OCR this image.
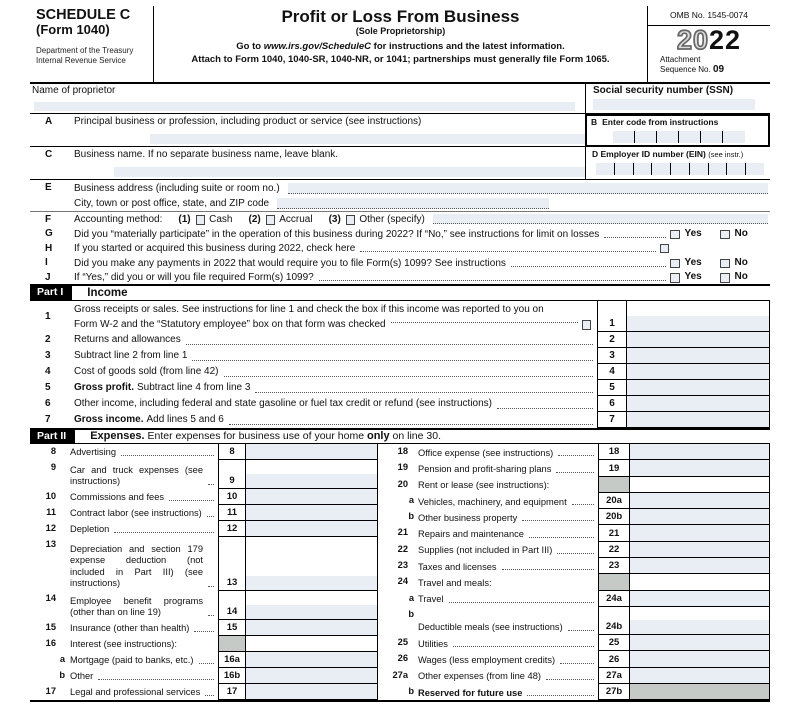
SCHEDULE C
(Form 1040)
Department of the Treasury
Internal Revenue Service
Profit or Loss From Business
(Sole Proprietorship)
Go to www.irs.gov/ScheduleC for instructions and the latest information.
Attach to Form 1040, 1040-SR, 1040-NR, or 1041; partnerships must generally file Form 1065.
OMB No. 1545-0074
2022
Attachment
Sequence No. 09
Name of proprietor	Social security number (SSN)
A	Principal business or profession, including product or service (see instructions)	B Enter code from instructions
C	Business name. If no separate business name, leave blank.	D Employer ID number (EIN) (see instr.)
E	Business address (including suite or room no.)
City, town or post office, state, and ZIP code
F	Accounting method: (1) Cash (2) Accrual (3) Other (specify)
G	Did you “materially participate” in the operation of this business during 2022? If “No,” see instructions for limit on losses	Yes	No
H	If you started or acquired this business during 2022, check here
I	Did you make any payments in 2022 that would require you to file Form(s) 1099? See instructions	Yes	No
J	If “Yes,” did you or will you file required Form(s) 1099?	Yes	No
Part I	Income
1
Gross receipts or sales. See instructions for line 1 and check the box if this income was reported to you on
Form W-2 and the “Statutory employee” box on that form was checked	1
2	Returns and allowances	2
3	Subtract line 2 from line 1	3
4	Cost of goods sold (from line 42)	4
5	Gross profit. Subtract line 4 from line 3	5
6	Other income, including federal and state gasoline or fuel tax credit or refund (see instructions)	6
7	Gross income. Add lines 5 and 6	7
Part II	Expenses. Enter expenses for business use of your home only on line 30.
8	Advertising	8
9	Car and truck expenses (see instructions)	9
10	Commissions and fees	10
11	Contract labor (see instructions)	11
12	Depletion	12
13	Depreciation and section 179 expense deduction (not included in Part III) (see instructions)	13
14	Employee benefit programs (other than on line 19)	14
15	Insurance (other than health)	15
16	Interest (see instructions):
a Mortgage (paid to banks, etc.)	16a
b Other	16b
17	Legal and professional services	17
18	Office expense (see instructions)	18
19	Pension and profit-sharing plans	19
20	Rent or lease (see instructions):
a Vehicles, machinery, and equipment	20a
b Other business property	20b
21	Repairs and maintenance	21
22	Supplies (not included in Part III)	22
23	Taxes and licenses	23
24	Travel and meals:
a Travel	24a
b
Deductible meals (see instructions)	24b
25	Utilities	25
26	Wages (less employment credits)	26
27a	Other expenses (from line 48)	27a
b Reserved for future use	27b
